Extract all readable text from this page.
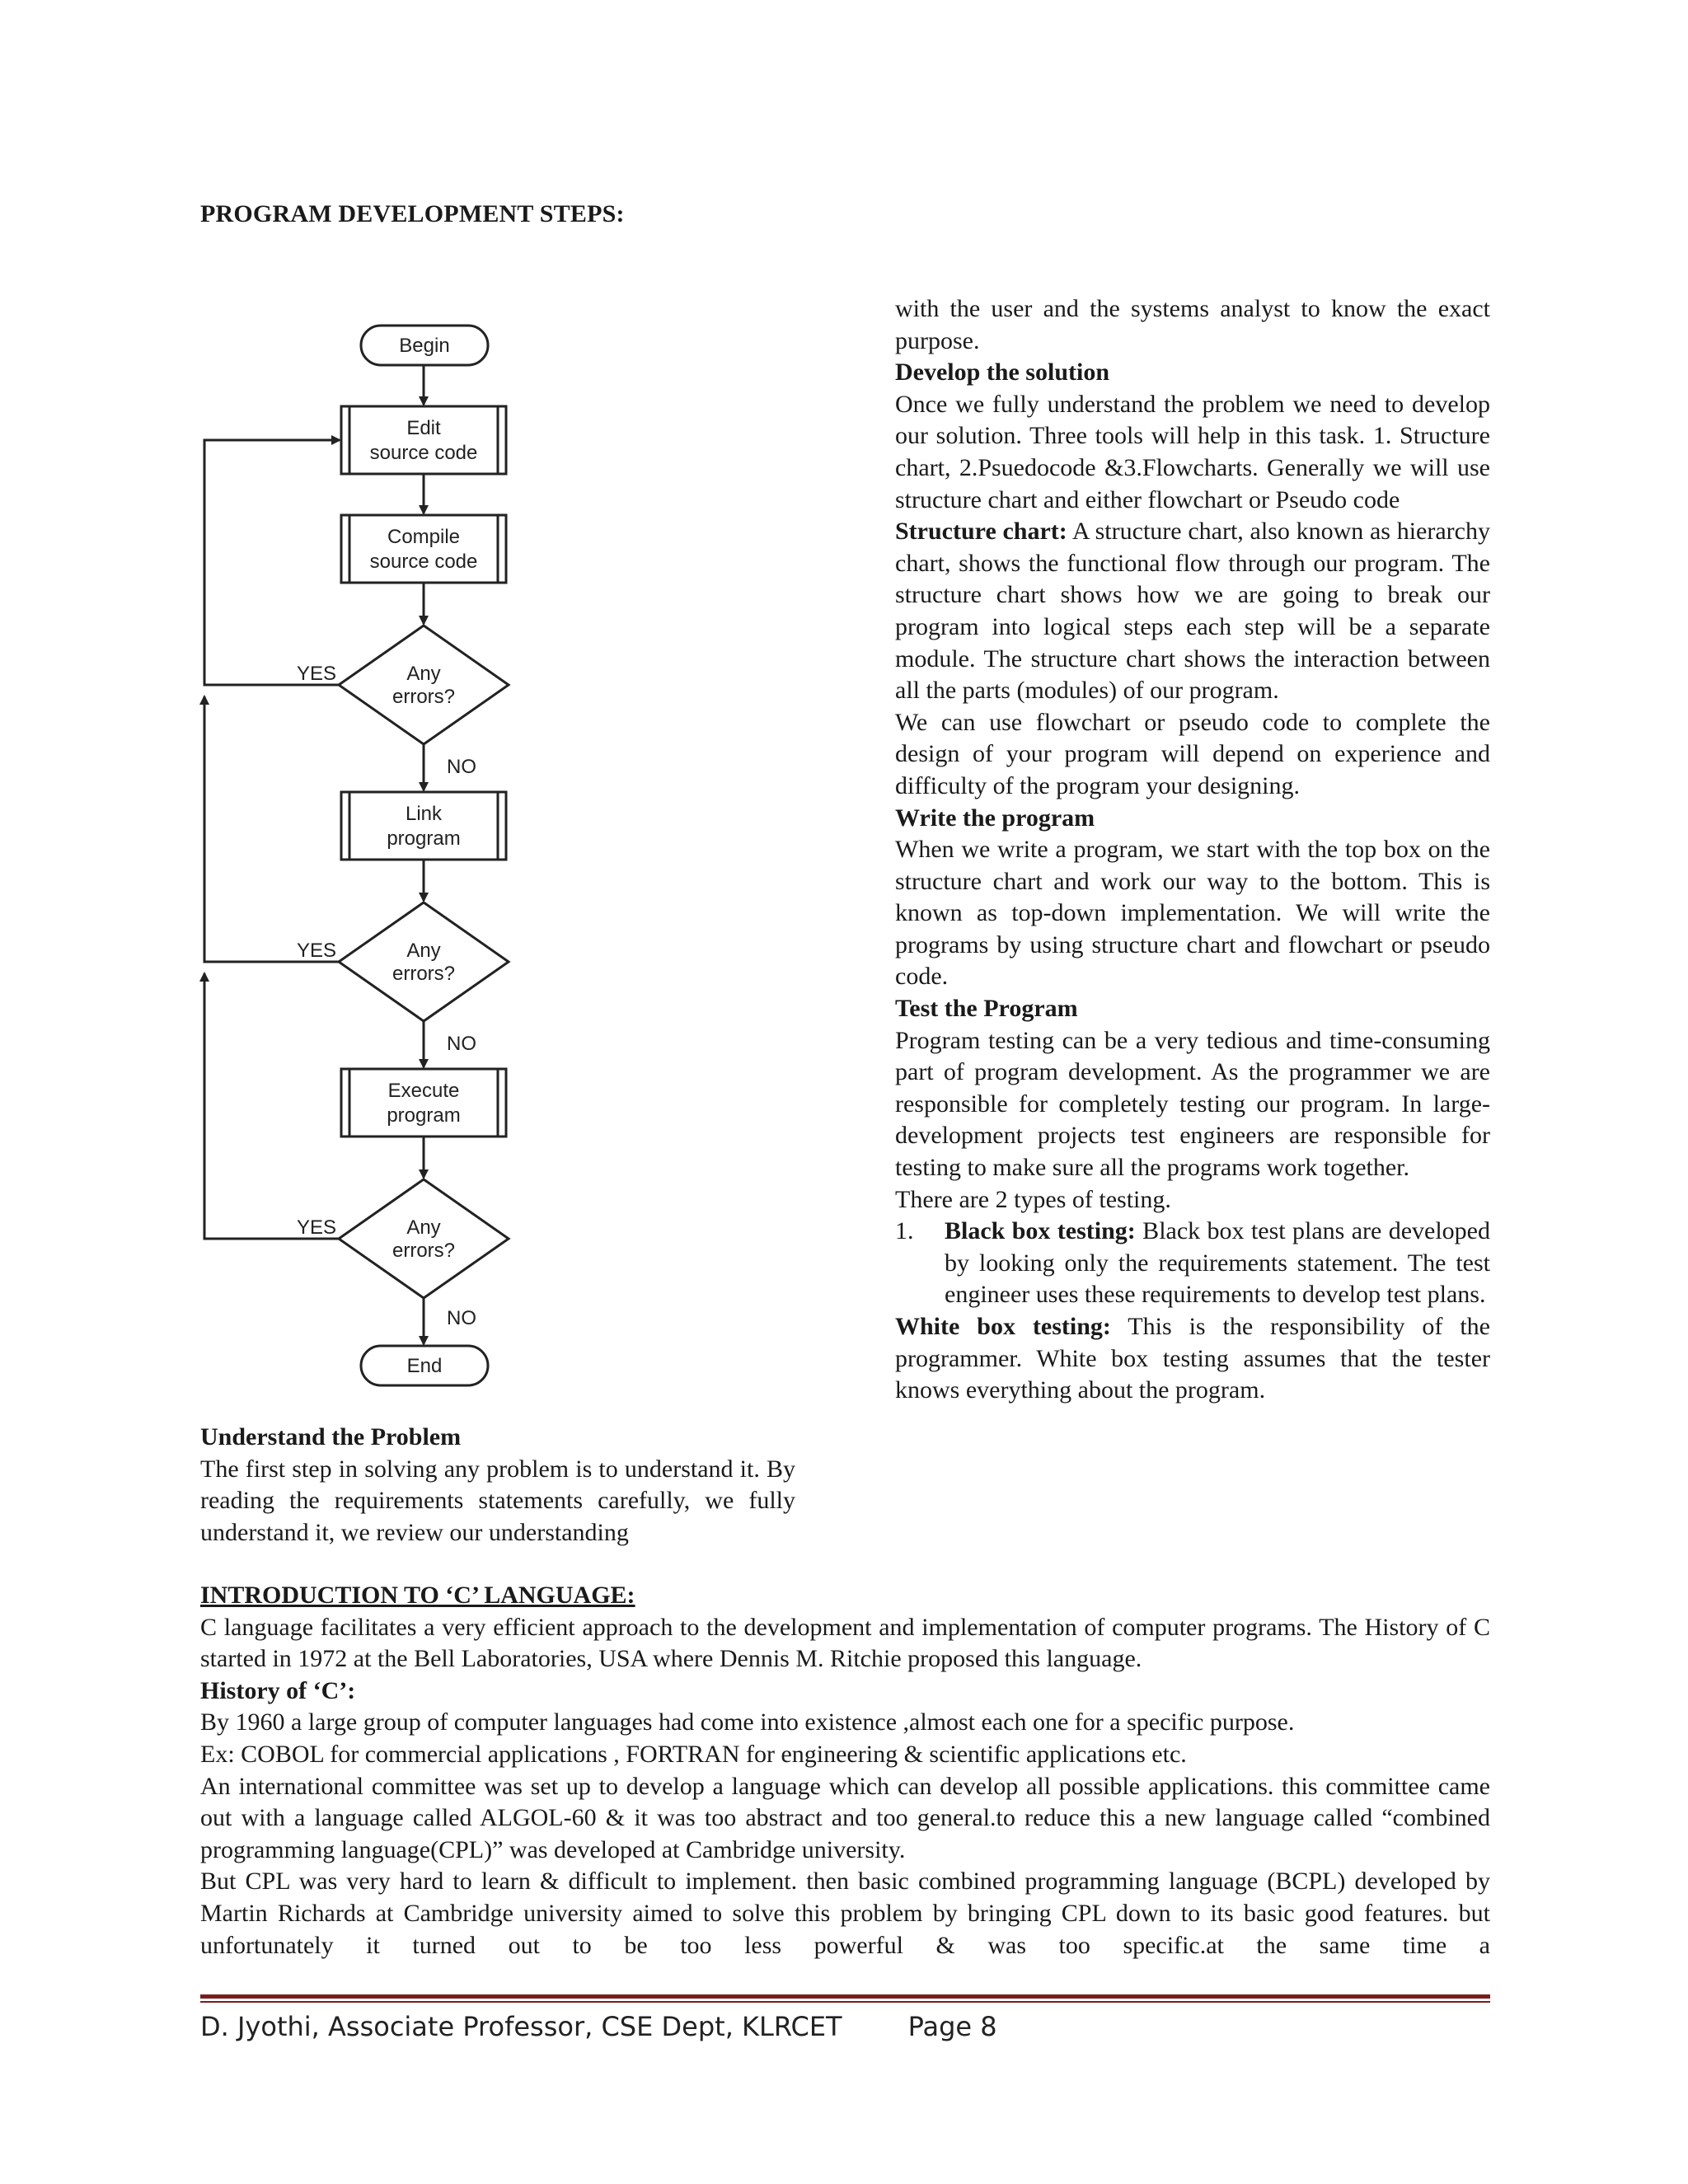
PROGRAM DEVELOPMENT STEPS:
Begin
Edit
source code
Compile
source code
Any
errors?
Link
program
Any
errors?
Execute
program
Any
errors?
End
YES
YES
YES
NO
NO
NO

Understand the Problem

The first step in solving any problem is to understand it. By reading the requirements statements carefully, we fully understand it, we review our understanding

with the user and the systems analyst to know the exact purpose.

Develop the solution

Once we fully understand the problem we need to develop our solution. Three tools will help in this task. 1. Structure chart, 2.Psuedocode &3.Flowcharts. Generally we will use structure chart and either flowchart or Pseudo code

Structure chart: A structure chart, also known as hierarchy chart, shows the functional flow through our program. The structure chart shows how we are going to break our program into logical steps each step will be a separate module. The structure chart shows the interaction between all the parts (modules) of our program.

We can use flowchart or pseudo code to complete the design of your program will depend on experience and difficulty of the program your designing.

Write the program

When we write a program, we start with the top box on the structure chart and work our way to the bottom. This is known as top-down implementation. We will write the programs by using structure chart and flowchart or pseudo code.

Test the Program

Program testing can be a very tedious and time-consuming part of program development. As the programmer we are responsible for completely testing our program. In large- development projects test engineers are responsible for testing to make sure all the programs work together.

There are 2 types of testing.

1. Black box testing: Black box test plans are developed by looking only the requirements statement. The test engineer uses these requirements to develop test plans.

White box testing: This is the responsibility of the programmer. White box testing assumes that the tester knows everything about the program.

INTRODUCTION TO ‘C’ LANGUAGE:

C language facilitates a very efficient approach to the development and implementation of computer programs. The History of C started in 1972 at the Bell Laboratories, USA where Dennis M. Ritchie proposed this language.

History of ‘C’:

By 1960 a large group of computer languages had come into existence ,almost each one for a specific purpose.

Ex: COBOL for commercial applications , FORTRAN for engineering & scientific applications etc.

An international committee was set up to develop a language which can develop all possible applications. this committee came out with a language called ALGOL-60 & it was too abstract and too general.to reduce this a new language called “combined programming language(CPL)” was developed at Cambridge university.

But CPL was very hard to learn & difficult to implement. then basic combined programming language (BCPL) developed by Martin Richards at Cambridge university aimed to solve this problem by bringing CPL down to its basic good features. but unfortunately it turned out to be too less powerful & was too specific.at the same time a

D. Jyothi, Associate Professor, CSE Dept, KLRCET	Page 8
